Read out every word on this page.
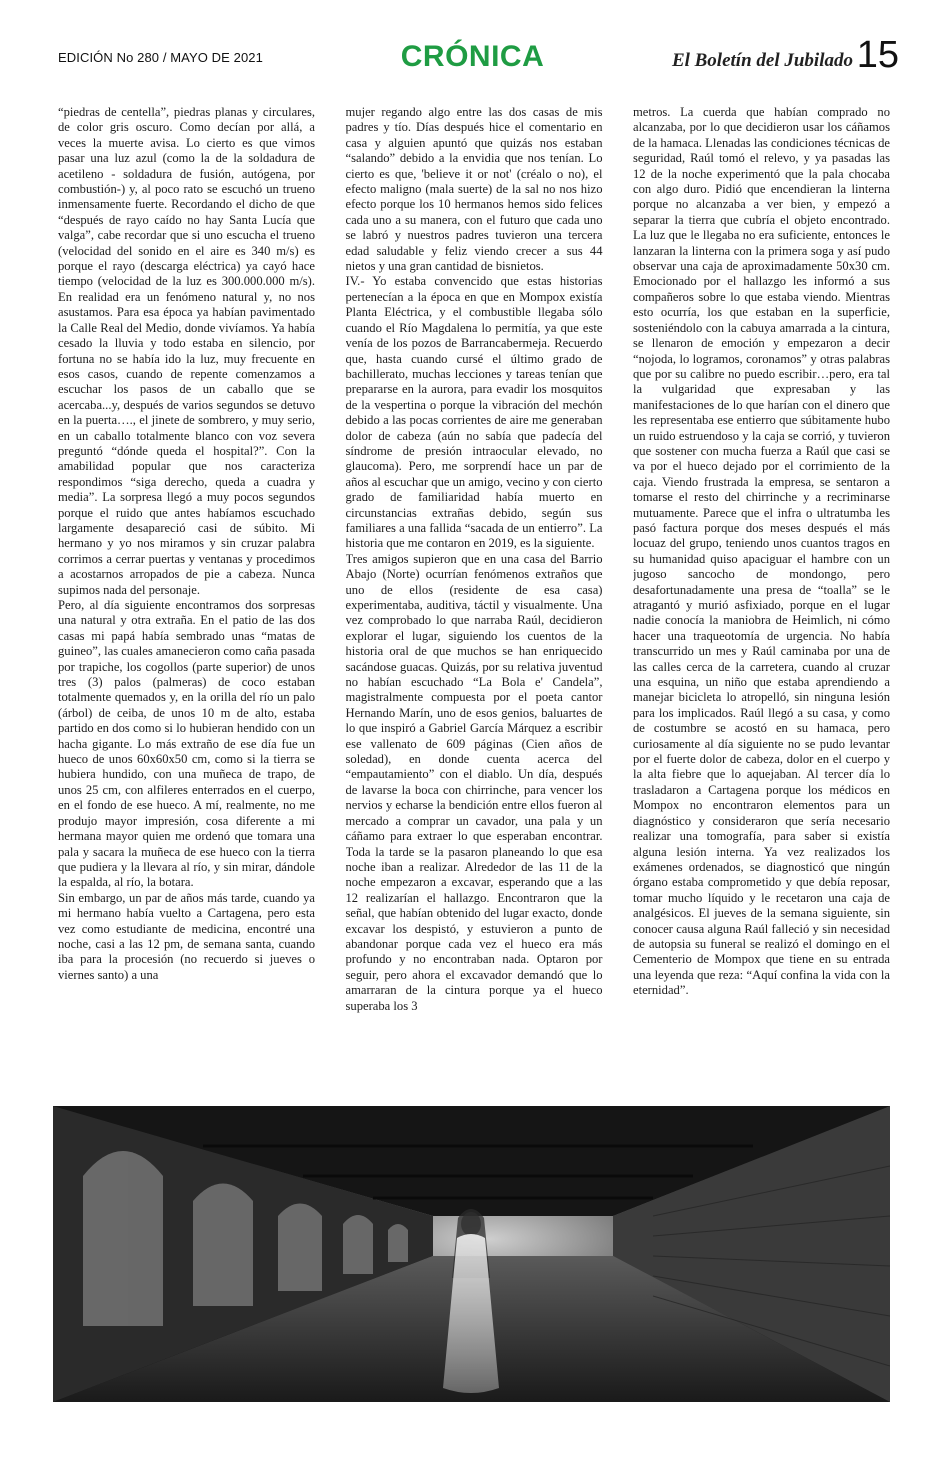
EDICIÓN No 280 / MAYO DE 2021	CRÓNICA	El Boletín del Jubilado 15

“piedras de centella”, piedras planas y circulares, de color gris oscuro. Como decían por allá, a veces la muerte avisa. Lo cierto es que vimos pasar una luz azul (como la de la soldadura de acetileno - soldadura de fusión, autógena, por combustión-) y, al poco rato se escuchó un trueno inmensamente fuerte. Recordando el dicho de que “después de rayo caído no hay Santa Lucía que valga”, cabe recordar que si uno escucha el trueno (velocidad del sonido en el aire es 340 m/s) es porque el rayo (descarga eléctrica) ya cayó hace tiempo (velocidad de la luz es 300.000.000 m/s). En realidad era un fenómeno natural y, no nos asustamos. Para esa época ya habían pavimentado la Calle Real del Medio, donde vivíamos. Ya había cesado la lluvia y todo estaba en silencio, por fortuna no se había ido la luz, muy frecuente en esos casos, cuando de repente comenzamos a escuchar los pasos de un caballo que se acercaba...y, después de varios segundos se detuvo en la puerta…., el jinete de sombrero, y muy serio, en un caballo totalmente blanco con voz severa preguntó “dónde queda el hospital?”. Con la amabilidad popular que nos caracteriza respondimos “siga derecho, queda a cuadra y media”. La sorpresa llegó a muy pocos segundos porque el ruido que antes habíamos escuchado largamente desapareció casi de súbito. Mi hermano y yo nos miramos y sin cruzar palabra corrimos a cerrar puertas y ventanas y procedimos a acostarnos arropados de pie a cabeza. Nunca supimos nada del personaje.

Pero, al día siguiente encontramos dos sorpresas una natural y otra extraña. En el patio de las dos casas mi papá había sembrado unas “matas de guineo”, las cuales amanecieron como caña pasada por trapiche, los cogollos (parte superior) de unos tres (3) palos (palmeras) de coco estaban totalmente quemados y, en la orilla del río un palo (árbol) de ceiba, de unos 10 m de alto, estaba partido en dos como si lo hubieran hendido con un hacha gigante. Lo más extraño de ese día fue un hueco de unos 60x60x50 cm, como si la tierra se hubiera hundido, con una muñeca de trapo, de unos 25 cm, con alfileres enterrados en el cuerpo, en el fondo de ese hueco. A mí, realmente, no me produjo mayor impresión, cosa diferente a mi hermana mayor quien me ordenó que tomara una pala y sacara la muñeca de ese hueco con la tierra que pudiera y la llevara al río, y sin mirar, dándole la espalda, al río, la botara.

Sin embargo, un par de años más tarde, cuando ya mi hermano había vuelto a Cartagena, pero esta vez como estudiante de medicina, encontré una noche, casi a las 12 pm, de semana santa, cuando iba para la procesión (no recuerdo si jueves o viernes santo) a una

mujer regando algo entre las dos casas de mis padres y tío. Días después hice el comentario en casa y alguien apuntó que quizás nos estaban “salando” debido a la envidia que nos tenían. Lo cierto es que, 'believe it or not' (créalo o no), el efecto maligno (mala suerte) de la sal no nos hizo efecto porque los 10 hermanos hemos sido felices cada uno a su manera, con el futuro que cada uno se labró y nuestros padres tuvieron una tercera edad saludable y feliz viendo crecer a sus 44 nietos y una gran cantidad de bisnietos.

IV.- Yo estaba convencido que estas historias pertenecían a la época en que en Mompox existía Planta Eléctrica, y el combustible llegaba sólo cuando el Río Magdalena lo permitía, ya que este venía de los pozos de Barrancabermeja. Recuerdo que, hasta cuando cursé el último grado de bachillerato, muchas lecciones y tareas tenían que prepararse en la aurora, para evadir los mosquitos de la vespertina o porque la vibración del mechón debido a las pocas corrientes de aire me generaban dolor de cabeza (aún no sabía que padecía del síndrome de presión intraocular elevado, no glaucoma). Pero, me sorprendí hace un par de años al escuchar que un amigo, vecino y con cierto grado de familiaridad había muerto en circunstancias extrañas debido, según sus familiares a una fallida “sacada de un entierro”. La historia que me contaron en 2019, es la siguiente.

Tres amigos supieron que en una casa del Barrio Abajo (Norte) ocurrían fenómenos extraños que uno de ellos (residente de esa casa) experimentaba, auditiva, táctil y visualmente. Una vez comprobado lo que narraba Raúl, decidieron explorar el lugar, siguiendo los cuentos de la historia oral de que muchos se han enriquecido sacándose guacas. Quizás, por su relativa juventud no habían escuchado “La Bola e' Candela”, magistralmente compuesta por el poeta cantor Hernando Marín, uno de esos genios, baluartes de lo que inspiró a Gabriel García Márquez a escribir ese vallenato de 609 páginas (Cien años de soledad), en donde cuenta acerca del “empautamiento” con el diablo. Un día, después de lavarse la boca con chirrinche, para vencer los nervios y echarse la bendición entre ellos fueron al mercado a comprar un cavador, una pala y un cáñamo para extraer lo que esperaban encontrar. Toda la tarde se la pasaron planeando lo que esa noche iban a realizar. Alrededor de las 11 de la noche empezaron a excavar, esperando que a las 12 realizarían el hallazgo. Encontraron que la señal, que habían obtenido del lugar exacto, donde excavar los despistó, y estuvieron a punto de abandonar porque cada vez el hueco era más profundo y no encontraban nada. Optaron por seguir, pero ahora el excavador demandó que lo amarraran de la cintura porque ya el hueco superaba los 3

metros. La cuerda que habían comprado no alcanzaba, por lo que decidieron usar los cáñamos de la hamaca. Llenadas las condiciones técnicas de seguridad, Raúl tomó el relevo, y ya pasadas las 12 de la noche experimentó que la pala chocaba con algo duro. Pidió que encendieran la linterna porque no alcanzaba a ver bien, y empezó a separar la tierra que cubría el objeto encontrado. La luz que le llegaba no era suficiente, entonces le lanzaran la linterna con la primera soga y así pudo observar una caja de aproximadamente 50x30 cm. Emocionado por el hallazgo les informó a sus compañeros sobre lo que estaba viendo. Mientras esto ocurría, los que estaban en la superficie, sosteniéndolo con la cabuya amarrada a la cintura, se llenaron de emoción y empezaron a decir “nojoda, lo logramos, coronamos” y otras palabras que por su calibre no puedo escribir…pero, era tal la vulgaridad que expresaban y las manifestaciones de lo que harían con el dinero que les representaba ese entierro que súbitamente hubo un ruido estruendoso y la caja se corrió, y tuvieron que sostener con mucha fuerza a Raúl que casi se va por el hueco dejado por el corrimiento de la caja. Viendo frustrada la empresa, se sentaron a tomarse el resto del chirrinche y a recriminarse mutuamente. Parece que el infra o ultratumba les pasó factura porque dos meses después el más locuaz del grupo, teniendo unos cuantos tragos en su humanidad quiso apaciguar el hambre con un jugoso sancocho de mondongo, pero desafortunadamente una presa de “toalla” se le atragantó y murió asfixiado, porque en el lugar nadie conocía la maniobra de Heimlich, ni cómo hacer una traqueotomía de urgencia. No había transcurrido un mes y Raúl caminaba por una de las calles cerca de la carretera, cuando al cruzar una esquina, un niño que estaba aprendiendo a manejar bicicleta lo atropelló, sin ninguna lesión para los implicados. Raúl llegó a su casa, y como de costumbre se acostó en su hamaca, pero curiosamente al día siguiente no se pudo levantar por el fuerte dolor de cabeza, dolor en el cuerpo y la alta fiebre que lo aquejaban. Al tercer día lo trasladaron a Cartagena porque los médicos en Mompox no encontraron elementos para un diagnóstico y consideraron que sería necesario realizar una tomografía, para saber si existía alguna lesión interna. Ya vez realizados los exámenes ordenados, se diagnosticó que ningún órgano estaba comprometido y que debía reposar, tomar mucho líquido y le recetaron una caja de analgésicos. El jueves de la semana siguiente, sin conocer causa alguna Raúl falleció y sin necesidad de autopsia su funeral se realizó el domingo en el Cementerio de Mompox que tiene en su entrada una leyenda que reza: “Aquí confina la vida con la eternidad”.
